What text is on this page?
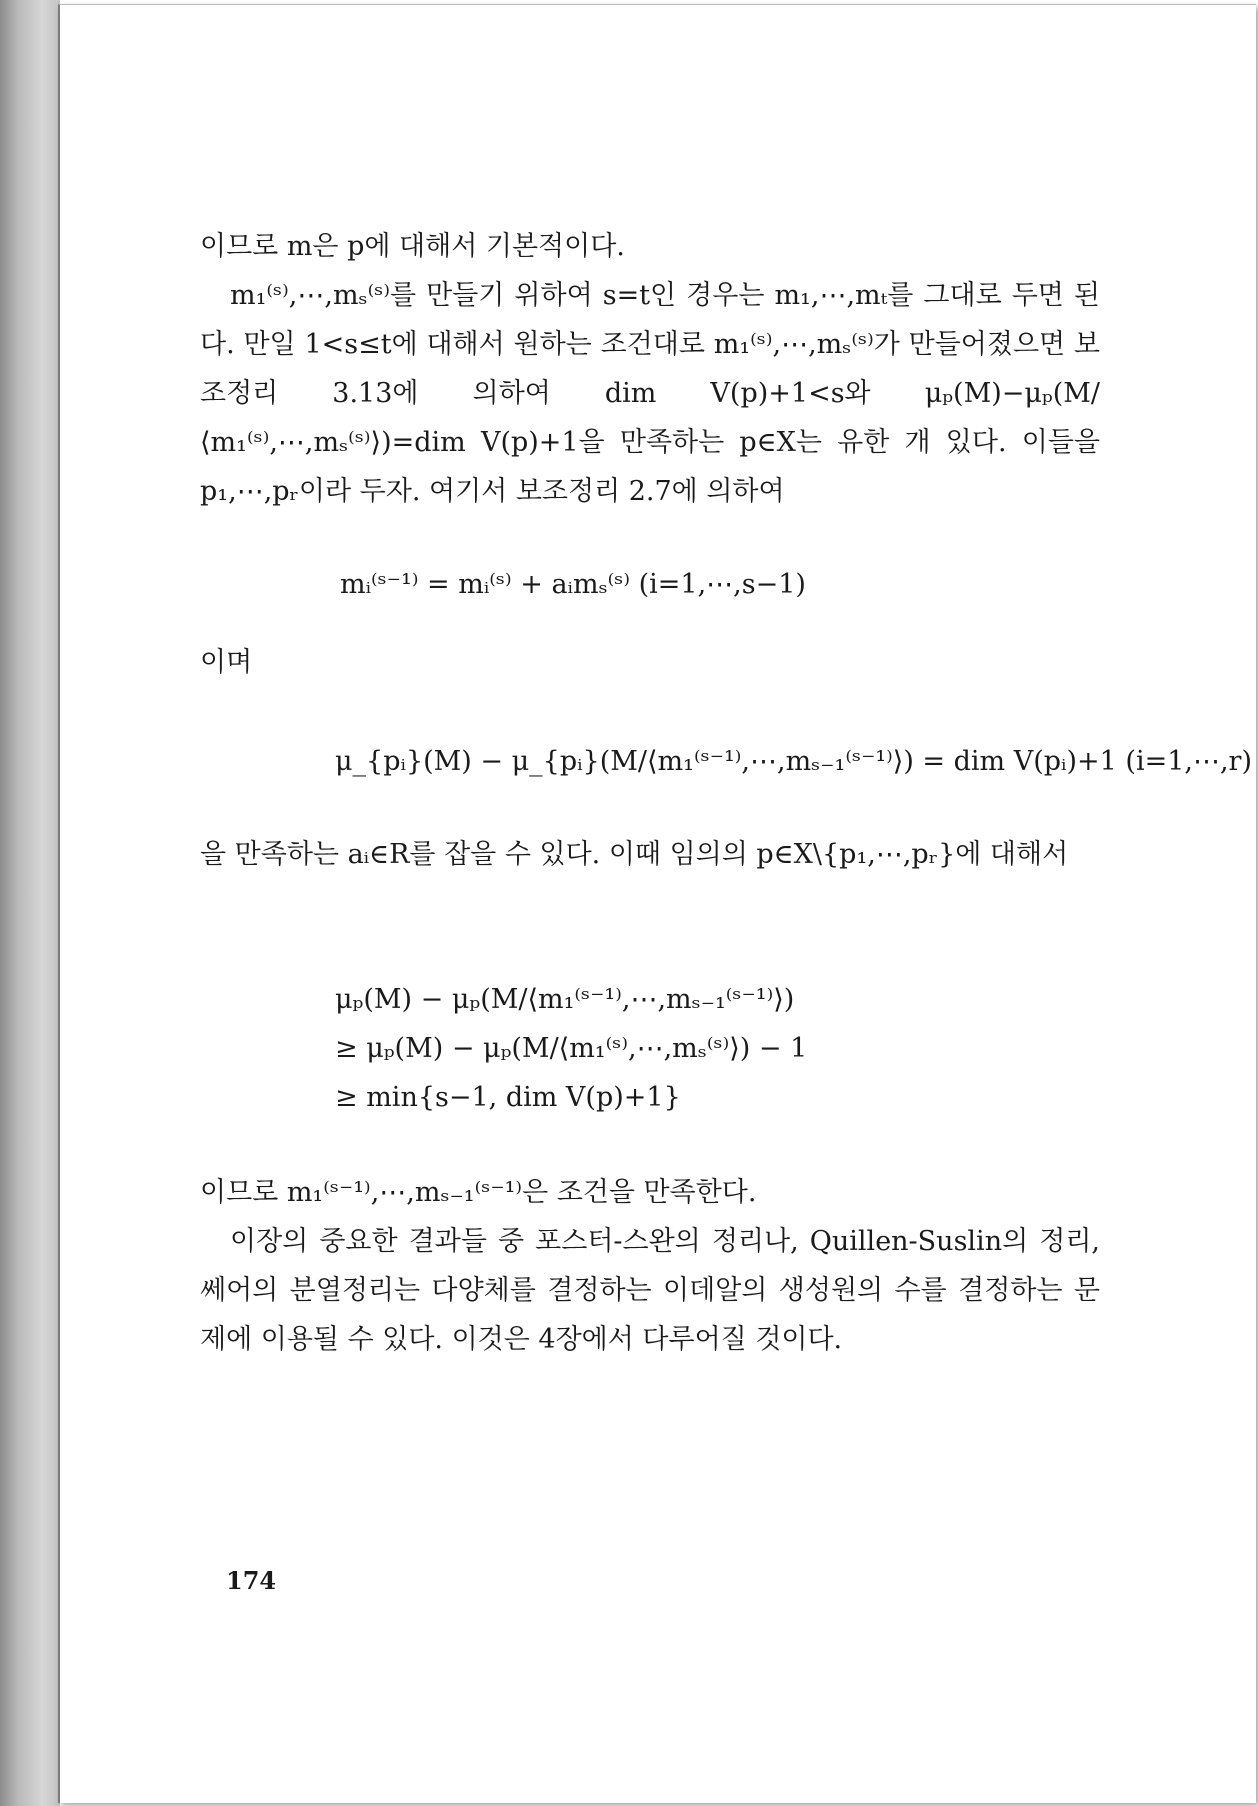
이므로 m은 p에 대해서 기본적이다.

m₁⁽ˢ⁾,⋯,mₛ⁽ˢ⁾를 만들기 위하여 s=t인 경우는 m₁,⋯,mₜ를 그대로 두면 된다. 만일 1<s≤t에 대해서 원하는 조건대로 m₁⁽ˢ⁾,⋯,mₛ⁽ˢ⁾가 만들어졌으면 보조정리 3.13에 의하여 dim V(p)+1<s와 μₚ(M)−μₚ(M/⟨m₁⁽ˢ⁾,⋯,mₛ⁽ˢ⁾⟩)=dim V(p)+1을 만족하는 p∈X는 유한 개 있다. 이들을 p₁,⋯,pᵣ이라 두자. 여기서 보조정리 2.7에 의하여

mᵢ⁽ˢ⁻¹⁾ = mᵢ⁽ˢ⁾ + aᵢmₛ⁽ˢ⁾ (i=1,⋯,s−1)
이며
μ_{pᵢ}(M) − μ_{pᵢ}(M/⟨m₁⁽ˢ⁻¹⁾,⋯,mₛ₋₁⁽ˢ⁻¹⁾⟩) = dim V(pᵢ)+1 (i=1,⋯,r)

을 만족하는 aᵢ∈R를 잡을 수 있다. 이때 임의의 p∈X\{p₁,⋯,pᵣ}에 대해서

μₚ(M) − μₚ(M/⟨m₁⁽ˢ⁻¹⁾,⋯,mₛ₋₁⁽ˢ⁻¹⁾⟩)
≥ μₚ(M) − μₚ(M/⟨m₁⁽ˢ⁾,⋯,mₛ⁽ˢ⁾⟩) − 1
≥ min{s−1, dim V(p)+1}

이므로 m₁⁽ˢ⁻¹⁾,⋯,mₛ₋₁⁽ˢ⁻¹⁾은 조건을 만족한다.

이장의 중요한 결과들 중 포스터-스완의 정리나, Quillen-Suslin의 정리, 쎄어의 분열정리는 다양체를 결정하는 이데알의 생성원의 수를 결정하는 문제에 이용될 수 있다. 이것은 4장에서 다루어질 것이다.

174
